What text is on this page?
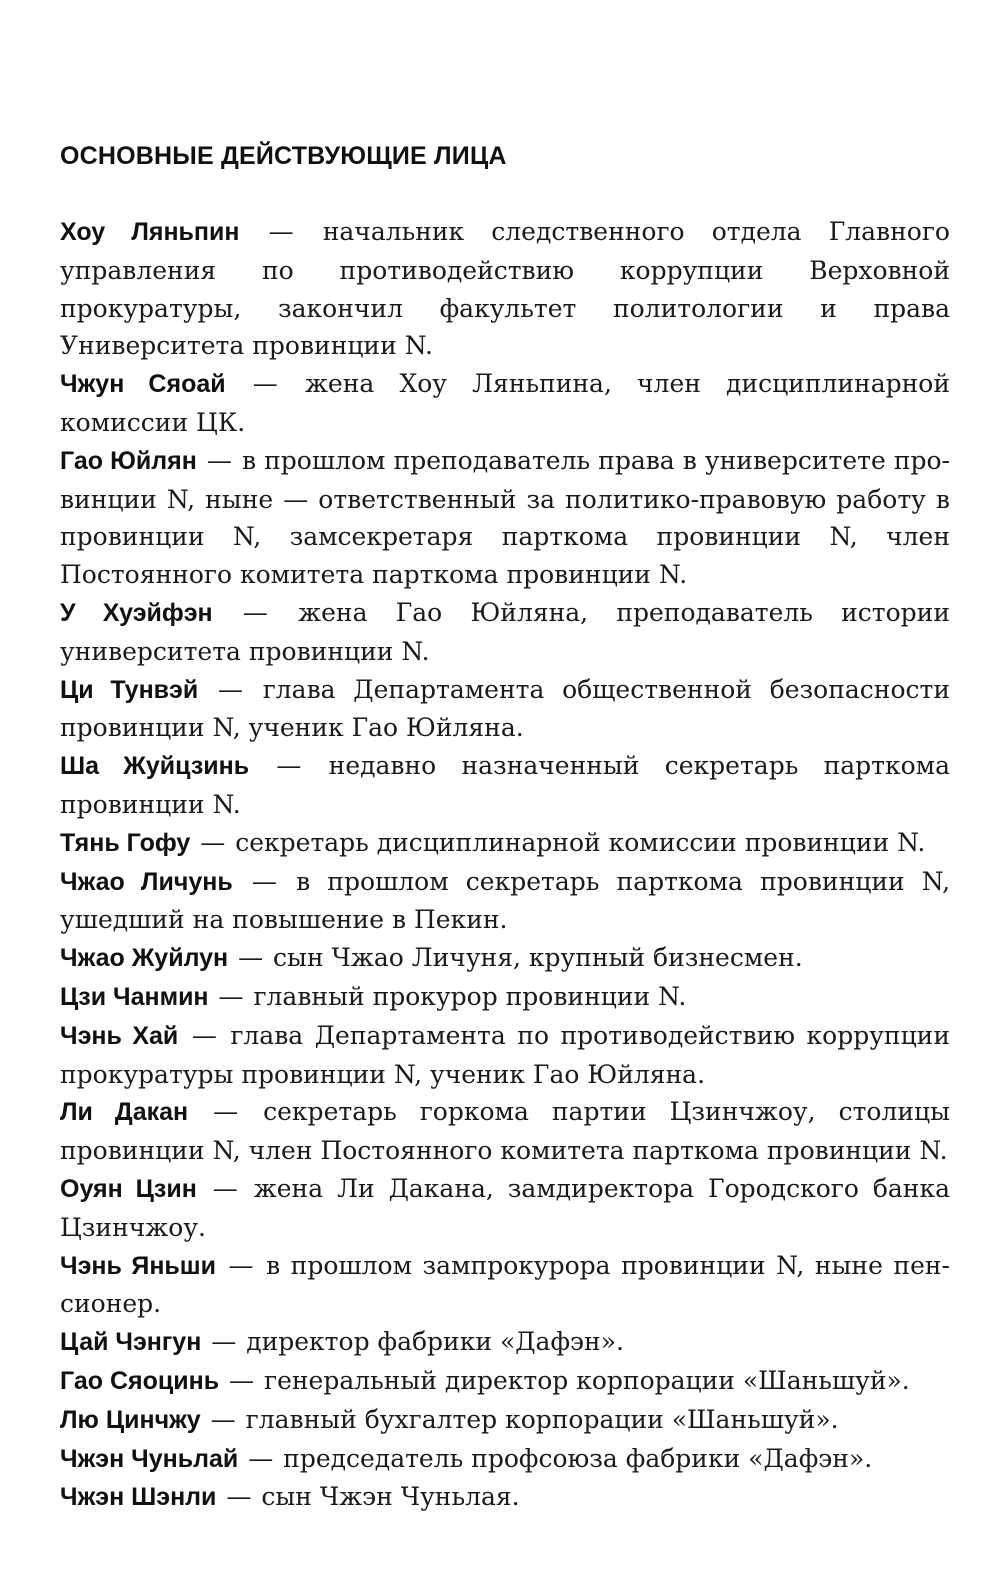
ОСНОВНЫЕ ДЕЙСТВУЮЩИЕ ЛИЦА
Хоу Ляньпин — начальник следственного отдела Главного управления по противодействию коррупции Верховной прокуратуры, закончил факультет политологии и права Университета провинции N.
Чжун Сяоай — жена Хоу Ляньпина, член дисциплинарной комиссии ЦК.
Гао Юйлян — в прошлом преподаватель права в университете провинции N, ныне — ответственный за политико-правовую работу в провинции N, замсекретаря парткома провинции N, член Постоянного комитета парткома провинции N.
У Хуэйфэн — жена Гао Юйляна, преподаватель истории университета провинции N.
Ци Тунвэй — глава Департамента общественной безопасности провинции N, ученик Гао Юйляна.
Ша Жуйцзинь — недавно назначенный секретарь парткома провинции N.
Тянь Гофу — секретарь дисциплинарной комиссии провинции N.
Чжао Личунь — в прошлом секретарь парткома провинции N, ушедший на повышение в Пекин.
Чжао Жуйлун — сын Чжао Личуня, крупный бизнесмен.
Цзи Чанмин — главный прокурор провинции N.
Чэнь Хай — глава Департамента по противодействию коррупции прокуратуры провинции N, ученик Гао Юйляна.
Ли Дакан — секретарь горкома партии Цзинчжоу, столицы провинции N, член Постоянного комитета парткома провинции N.
Оуян Цзин — жена Ли Дакана, замдиректора Городского банка Цзинчжоу.
Чэнь Яньши — в прошлом зампрокурора провинции N, ныне пенсионер.
Цай Чэнгун — директор фабрики «Дафэн».
Гао Сяоцинь — генеральный директор корпорации «Шаньшуй».
Лю Цинчжу — главный бухгалтер корпорации «Шаньшуй».
Чжэн Чуньлай — председатель профсоюза фабрики «Дафэн».
Чжэн Шэнли — сын Чжэн Чуньлая.
